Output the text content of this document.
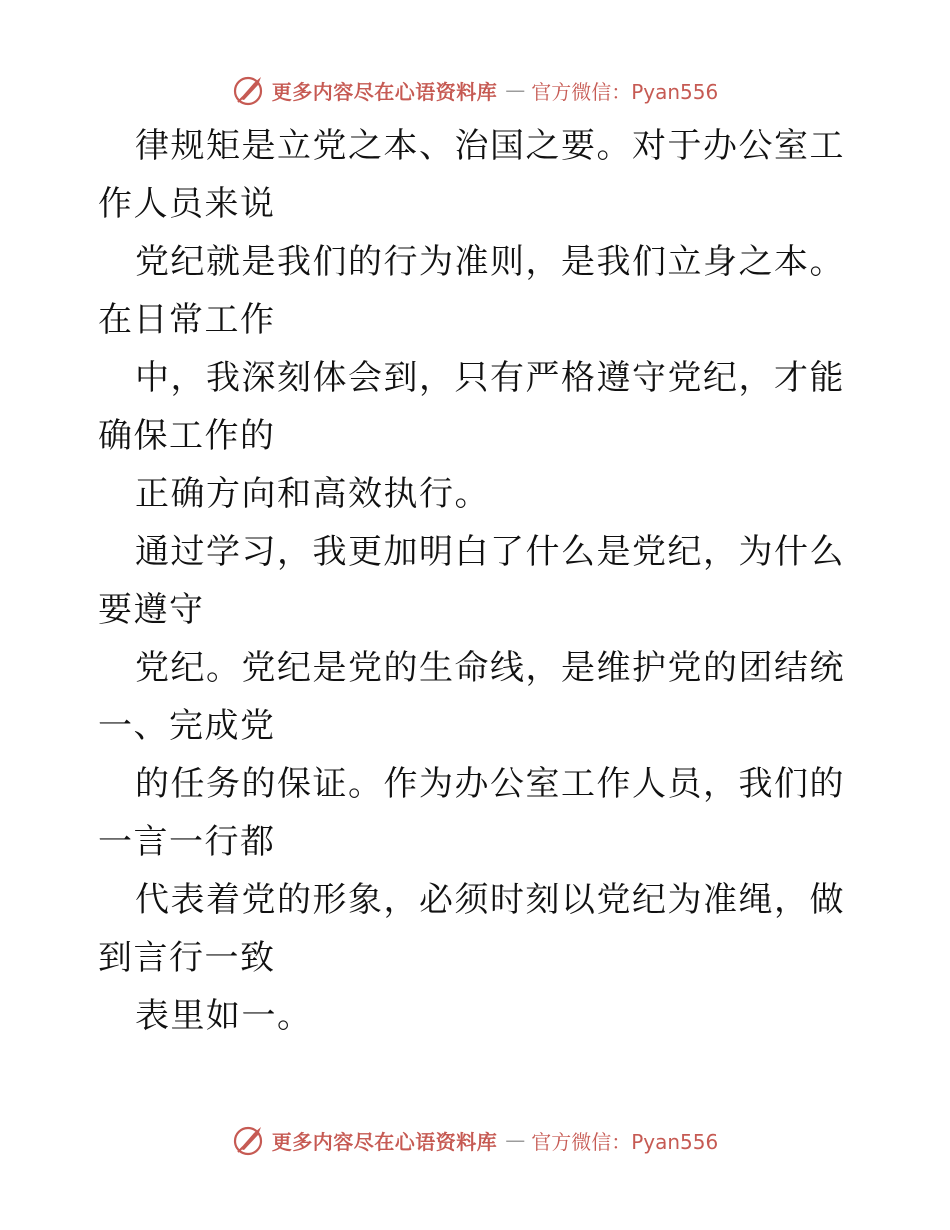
更多内容尽在心语资料库 — 官方微信：Pyan556

律规矩是立党之本、治国之要。对于办公室工作人员来说

党纪就是我们的行为准则，是我们立身之本。在日常工作

中，我深刻体会到，只有严格遵守党纪，才能确保工作的

正确方向和高效执行。

通过学习，我更加明白了什么是党纪，为什么要遵守

党纪。党纪是党的生命线，是维护党的团结统一、完成党

的任务的保证。作为办公室工作人员，我们的一言一行都

代表着党的形象，必须时刻以党纪为准绳，做到言行一致

表里如一。

更多内容尽在心语资料库 — 官方微信：Pyan556
